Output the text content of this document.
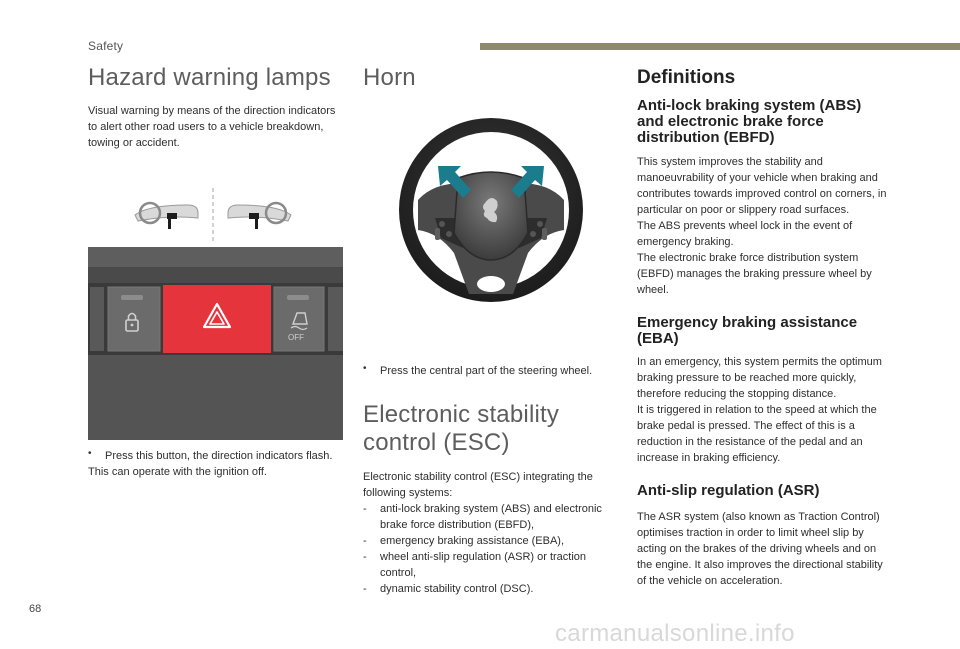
Safety
Hazard warning lamps

Visual warning by means of the direction indicators to alert other road users to a vehicle breakdown, towing or accident.

OFF
•	Press this button, the direction indicators flash.

This can operate with the ignition off.

Horn
•	Press the central part of the steering wheel.

Electronic stability control (ESC)

Electronic stability control (ESC) integrating the following systems:

-	anti-lock braking system (ABS) and electronic brake force distribution (EBFD),
-	emergency braking assistance (EBA),
-	wheel anti-slip regulation (ASR) or traction control,
-	dynamic stability control (DSC).
Definitions
Anti-lock braking system (ABS) and electronic brake force distribution (EBFD)

This system improves the stability and manoeuvrability of your vehicle when braking and contributes towards improved control on corners, in particular on poor or slippery road surfaces.

The ABS prevents wheel lock in the event of emergency braking.

The electronic brake force distribution system (EBFD) manages the braking pressure wheel by wheel.

Emergency braking assistance (EBA)

In an emergency, this system permits the optimum braking pressure to be reached more quickly, therefore reducing the stopping distance.

It is triggered in relation to the speed at which the brake pedal is pressed. The effect of this is a reduction in the resistance of the pedal and an increase in braking efficiency.

Anti-slip regulation (ASR)

The ASR system (also known as Traction Control) optimises traction in order to limit wheel slip by acting on the brakes of the driving wheels and on the engine. It also improves the directional stability of the vehicle on acceleration.

68
carmanualsonline.info
